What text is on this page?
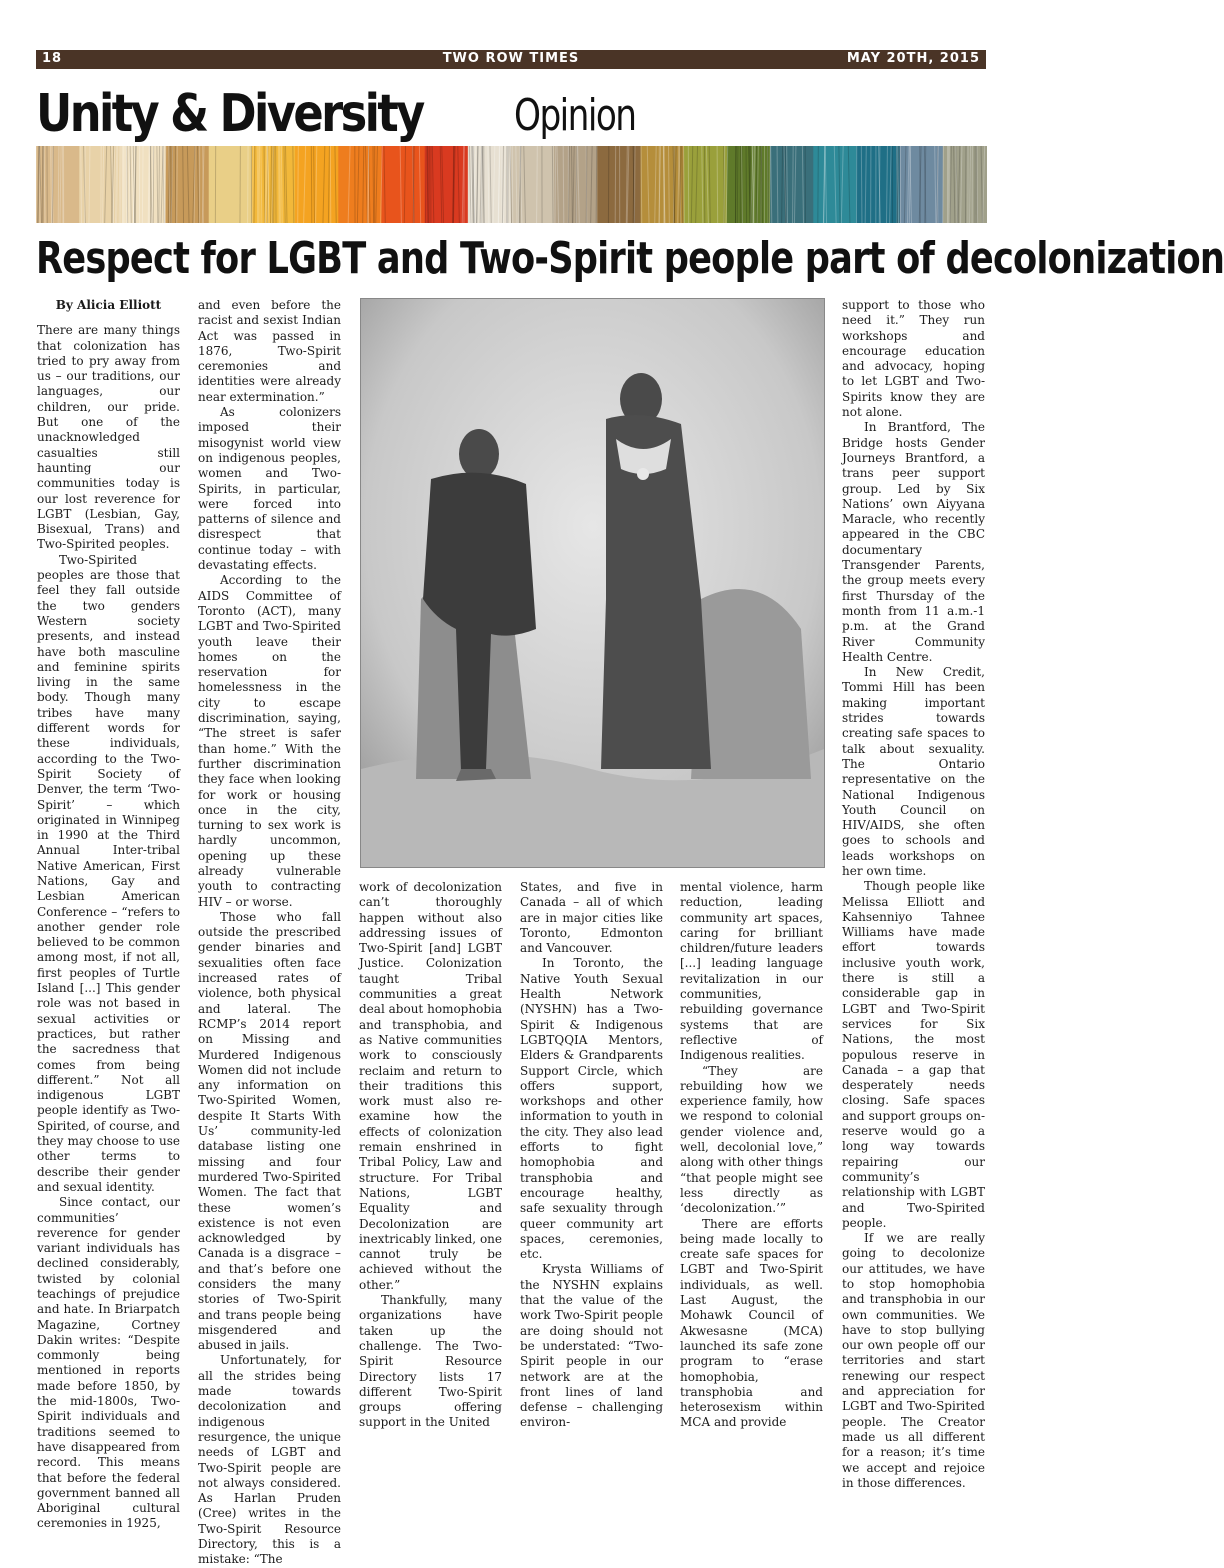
18	TWO ROW TIMES	MAY 20TH, 2015
Unity & Diversity Opinion
Respect for LGBT and Two-Spirit people part of decolonization
By Alicia Elliott

There are many things that colonization has tried to pry away from us – our traditions, our languages, our children, our pride. But one of the unacknowledged casualties still haunting our communities today is our lost reverence for LGBT (Lesbian, Gay, Bisexual, Trans) and Two-Spirited peoples.

Two-Spirited peoples are those that feel they fall outside the two genders Western society presents, and instead have both masculine and feminine spirits living in the same body. Though many tribes have many different words for these individuals, according to the Two-Spirit Society of Denver, the term ‘Two-Spirit’ – which originated in Winnipeg in 1990 at the Third Annual Inter-tribal Native American, First Nations, Gay and Lesbian American Conference – “refers to another gender role believed to be common among most, if not all, first peoples of Turtle Island [...] This gender role was not based in sexual activities or practices, but rather the sacredness that comes from being different.” Not all indigenous LGBT people identify as Two-Spirited, of course, and they may choose to use other terms to describe their gender and sexual identity.

Since contact, our communities’ reverence for gender variant individuals has declined considerably, twisted by colonial teachings of prejudice and hate. In Briarpatch Magazine, Cortney Dakin writes: “Despite commonly being mentioned in reports made before 1850, by the mid-1800s, Two-Spirit individuals and traditions seemed to have disappeared from record. This means that before the federal government banned all Aboriginal cultural ceremonies in 1925,

and even before the racist and sexist Indian Act was passed in 1876, Two-Spirit ceremonies and identities were already near extermination.”

As colonizers imposed their misogynist world view on indigenous peoples, women and Two-Spirits, in particular, were forced into patterns of silence and disrespect that continue today – with devastating effects.

According to the AIDS Committee of Toronto (ACT), many LGBT and Two-Spirited youth leave their homes on the reservation for homelessness in the city to escape discrimination, saying, “The street is safer than home.” With the further discrimination they face when looking for work or housing once in the city, turning to sex work is hardly uncommon, opening up these already vulnerable youth to contracting HIV – or worse.

Those who fall outside the prescribed gender binaries and sexualities often face increased rates of violence, both physical and lateral. The RCMP’s 2014 report on Missing and Murdered Indigenous Women did not include any information on Two-Spirited Women, despite It Starts With Us’ community-led database listing one missing and four murdered Two-Spirited Women. The fact that these women’s existence is not even acknowledged by Canada is a disgrace – and that’s before one considers the many stories of Two-Spirit and trans people being misgendered and abused in jails.

Unfortunately, for all the strides being made towards decolonization and indigenous resurgence, the unique needs of LGBT and Two-Spirit people are not always considered. As Harlan Pruden (Cree) writes in the Two-Spirit Resource Directory, this is a mistake: “The

work of decolonization can’t thoroughly happen without also addressing issues of Two-Spirit [and] LGBT Justice. Colonization taught Tribal communities a great deal about homophobia and transphobia, and as Native communities work to consciously reclaim and return to their traditions this work must also re-examine how the effects of colonization remain enshrined in Tribal Policy, Law and structure. For Tribal Nations, LGBT Equality and Decolonization are inextricably linked, one cannot truly be achieved without the other.”

Thankfully, many organizations have taken up the challenge. The Two-Spirit Resource Directory lists 17 different Two-Spirit groups offering support in the United

States, and five in Canada – all of which are in major cities like Toronto, Edmonton and Vancouver.

In Toronto, the Native Youth Sexual Health Network (NYSHN) has a Two-Spirit & Indigenous LGBTQQIA Mentors, Elders & Grandparents Support Circle, which offers support, workshops and other information to youth in the city. They also lead efforts to fight homophobia and transphobia and encourage healthy, safe sexuality through queer community art spaces, ceremonies, etc.

Krysta Williams of the NYSHN explains that the value of the work Two-Spirit people are doing should not be understated: “Two-Spirit people in our network are at the front lines of land defense – challenging environ-

mental violence, harm reduction, leading community art spaces, caring for brilliant children/future leaders [...] leading language revitalization in our communities, rebuilding governance systems that are reflective of Indigenous realities.

“They are rebuilding how we experience family, how we respond to colonial gender violence and, well, decolonial love,” along with other things “that people might see less directly as ‘decolonization.’”

There are efforts being made locally to create safe spaces for LGBT and Two-Spirit individuals, as well. Last August, the Mohawk Council of Akwesasne (MCA) launched its safe zone program to “erase homophobia, transphobia and heterosexism within MCA and provide

support to those who need it.” They run workshops and encourage education and advocacy, hoping to let LGBT and Two-Spirits know they are not alone.

In Brantford, The Bridge hosts Gender Journeys Brantford, a trans peer support group. Led by Six Nations’ own Aiyyana Maracle, who recently appeared in the CBC documentary Transgender Parents, the group meets every first Thursday of the month from 11 a.m.-1 p.m. at the Grand River Community Health Centre.

In New Credit, Tommi Hill has been making important strides towards creating safe spaces to talk about sexuality. The Ontario representative on the National Indigenous Youth Council on HIV/AIDS, she often goes to schools and leads workshops on her own time.

Though people like Melissa Elliott and Kahsenniyo Tahnee Williams have made effort towards inclusive youth work, there is still a considerable gap in LGBT and Two-Spirit services for Six Nations, the most populous reserve in Canada – a gap that desperately needs closing. Safe spaces and support groups on-reserve would go a long way towards repairing our community’s relationship with LGBT and Two-Spirited people.

If we are really going to decolonize our attitudes, we have to stop homophobia and transphobia in our own communities. We have to stop bullying our own people off our territories and start renewing our respect and appreciation for LGBT and Two-Spirited people. The Creator made us all different for a reason; it’s time we accept and rejoice in those differences.
